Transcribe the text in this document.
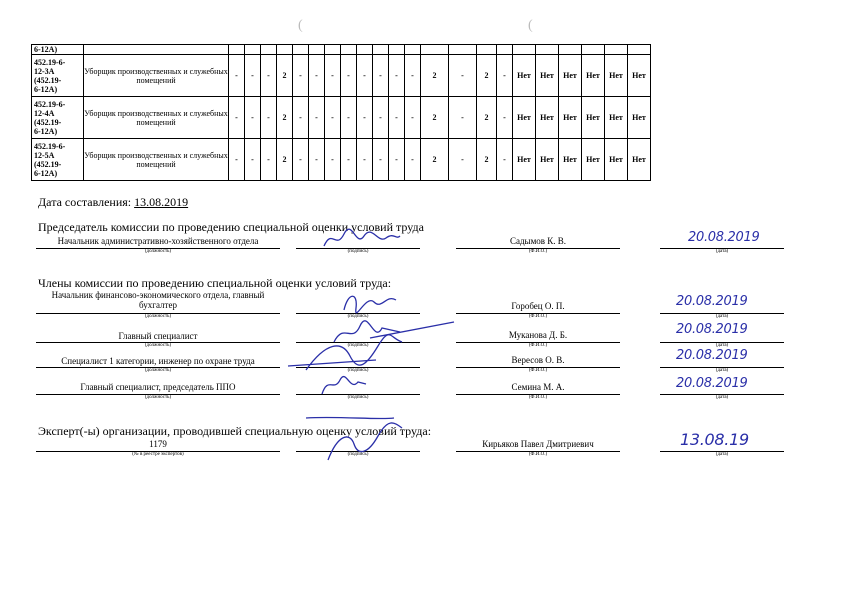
(	(
6-12А)																							

452.19-6-
12-3А
(452.19-
6-12А)	Уборщик производственных и служебных помещений	-	-	-	2	-	-	-	-	-	-	-	-	2	-	2	-	Нет	Нет	Нет	Нет	Нет	Нет

452.19-6-
12-4А
(452.19-
6-12А)	Уборщик производственных и служебных помещений	-	-	-	2	-	-	-	-	-	-	-	-	2	-	2	-	Нет	Нет	Нет	Нет	Нет	Нет

452.19-6-
12-5А
(452.19-
6-12А)	Уборщик производственных и служебных помещений	-	-	-	2	-	-	-	-	-	-	-	-	2	-	2	-	Нет	Нет	Нет	Нет	Нет	Нет
Дата составления: 13.08.2019
Председатель комиссии по проведению специальной оценки условий труда
Начальник административно-хозяйственного отдела
(должность)	(подпись)
Садымов К. В.
(Ф.И.О.)
20.08.2019
(дата)
Члены комиссии по проведению специальной оценки условий труда:
Начальник финансово-экономического отдела, главный бухгалтер
(должность)	(подпись)
Горобец О. П.
(Ф.И.О.)
20.08.2019
(дата)
Главный специалист
(должность)	(подпись)
Муканова Д. Б.
(Ф.И.О.)
20.08.2019
(дата)
Специалист 1 категории, инженер по охране труда
(должность)	(подпись)
Вересов О. В.
(Ф.И.О.)
20.08.2019
(дата)
Главный специалист, председатель ППО
(должность)	(подпись)
Семина М. А.
(Ф.И.О.)
20.08.2019
(дата)
Эксперт(-ы) организации, проводившей специальную оценку условий труда:
1179
(№ в реестре экспертов)	(подпись)
Кирьяков Павел Дмитриевич
(Ф.И.О.)
13.08.19
(дата)
